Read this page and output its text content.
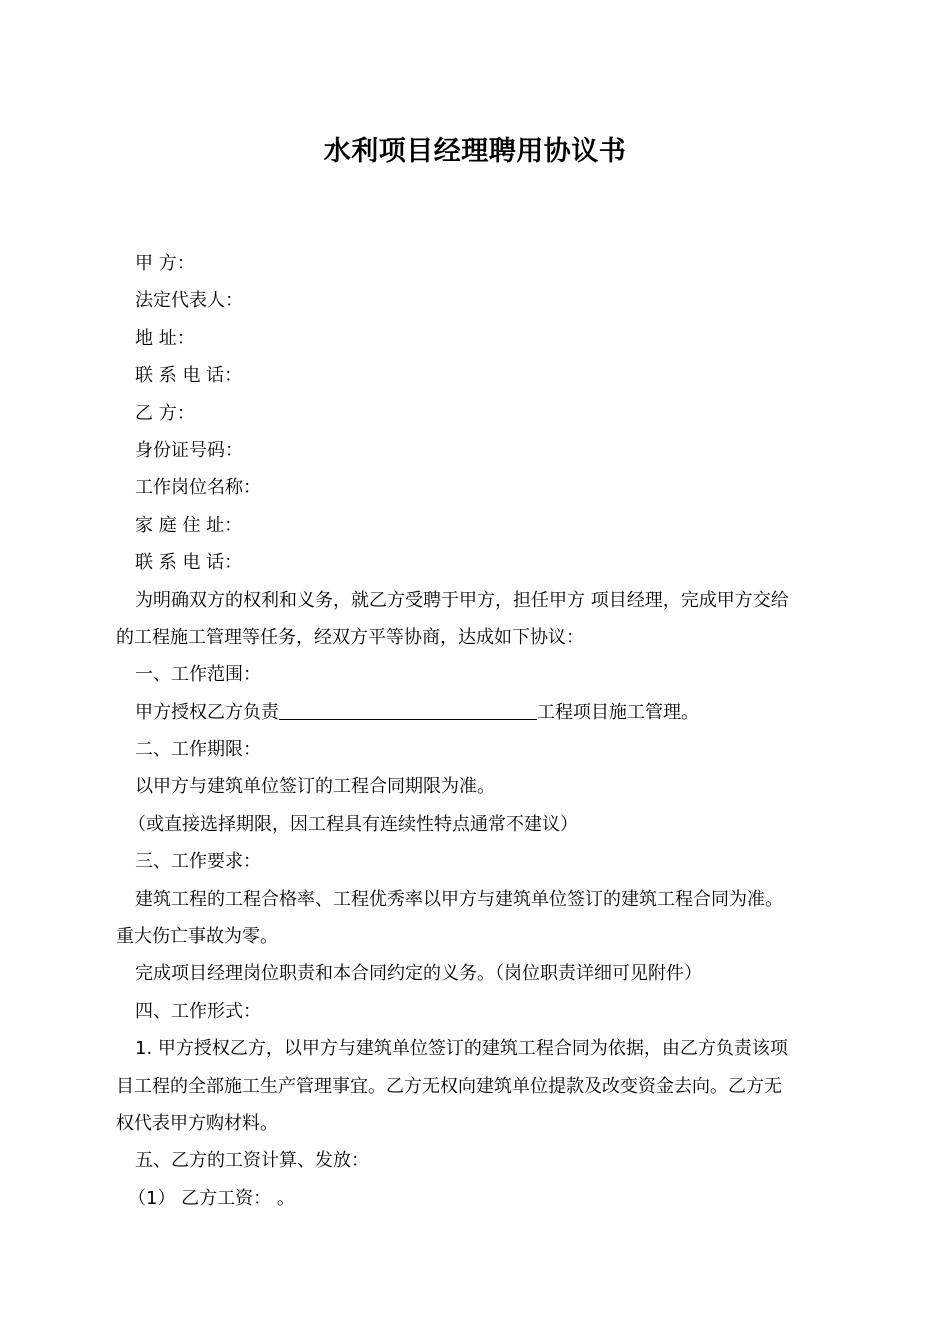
水利项目经理聘用协议书
甲 方：
法定代表人：
地 址：
联 系 电 话：
乙 方：
身份证号码：
工作岗位名称：
家 庭 住 址：
联 系 电 话：
为明确双方的权利和义务，就乙方受聘于甲方，担任甲方 项目经理，完成甲方交给
的工程施工管理等任务，经双方平等协商，达成如下协议：
一、工作范围：
甲方授权乙方负责	工程项目施工管理。
二、工作期限：
以甲方与建筑单位签订的工程合同期限为准。
（或直接选择期限，因工程具有连续性特点通常不建议）
三、工作要求：
建筑工程的工程合格率、工程优秀率以甲方与建筑单位签订的建筑工程合同为准。
重大伤亡事故为零。
完成项目经理岗位职责和本合同约定的义务。（岗位职责详细可见附件）
四、工作形式：
1. 甲方授权乙方，以甲方与建筑单位签订的建筑工程合同为依据，由乙方负责该项
目工程的全部施工生产管理事宜。乙方无权向建筑单位提款及改变资金去向。乙方无
权代表甲方购材料。
五、乙方的工资计算、发放：
（1） 乙方工资： 。
